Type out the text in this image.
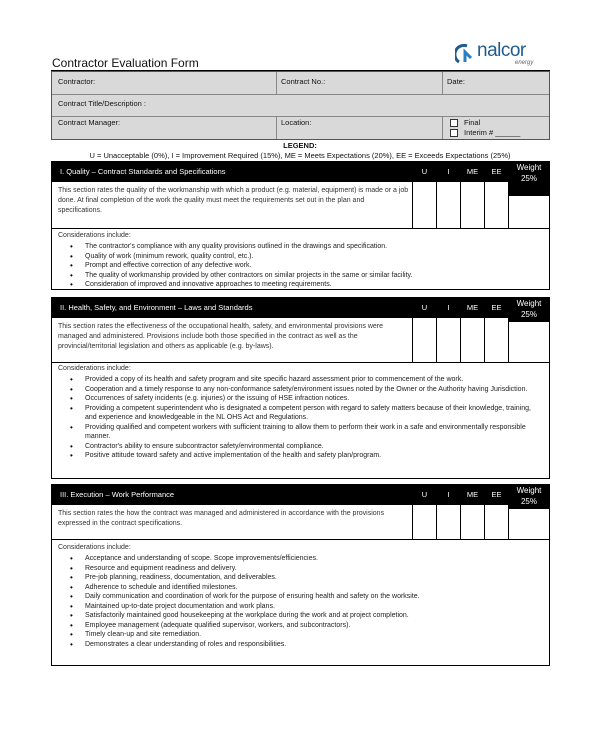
Contractor Evaluation Form
nalcor
energy
Contractor:	Contract No.:	Date:
Contract Title/Description :
Contract Manager:	Location:	Final
Interim # ______
LEGEND:
U = Unacceptable (0%), I = Improvement Required (15%), ME = Meets Expectations (20%), EE = Exceeds Expectations (25%)
I. Quality – Contract Standards and Specifications	U	I	ME	EE	Weight
25%
This section rates the quality of the workmanship with which a product (e.g. material, equipment) is made or a job done. At final completion of the work the quality must meet the requirements set out in the plan and specifications.
Considerations include:
• The contractor's compliance with any quality provisions outlined in the drawings and specification.
• Quality of work (minimum rework, quality control, etc.).
• Prompt and effective correction of any defective work.
• The quality of workmanship provided by other contractors on similar projects in the same or similar facility.
• Consideration of improved and innovative approaches to meeting requirements.
II. Health, Safety, and Environment – Laws and Standards	U	I	ME	EE	Weight
25%
This section rates the effectiveness of the occupational health, safety, and environmental provisions were managed and administered. Provisions include both those specified in the contract as well as the provincial/territorial legislation and others as applicable (e.g. by-laws).
Considerations include:
• Provided a copy of its health and safety program and site specific hazard assessment prior to commencement of the work.
• Cooperation and a timely response to any non-conformance safety/environment issues noted by the Owner or the Authority having Jurisdiction.
• Occurrences of safety incidents (e.g. injuries) or the issuing of HSE infraction notices.
• Providing a competent superintendent who is designated a competent person with regard to safety matters because of their knowledge, training, and experience and knowledgeable in the NL OHS Act and Regulations.
• Providing qualified and competent workers with sufficient training to allow them to perform their work in a safe and environmentally responsible manner.
• Contractor's ability to ensure subcontractor safety/environmental compliance.
• Positive attitude toward safety and active implementation of the health and safety plan/program.
III. Execution – Work Performance	U	I	ME	EE	Weight
25%
This section rates the how the contract was managed and administered in accordance with the provisions expressed in the contract specifications.
Considerations include:
• Acceptance and understanding of scope. Scope improvements/efficiencies.
• Resource and equipment readiness and delivery.
• Pre-job planning, readiness, documentation, and deliverables.
• Adherence to schedule and identified milestones.
• Daily communication and coordination of work for the purpose of ensuring health and safety on the worksite.
• Maintained up-to-date project documentation and work plans.
• Satisfactorily maintained good housekeeping at the workplace during the work and at project completion.
• Employee management (adequate qualified supervisor, workers, and subcontractors).
• Timely clean-up and site remediation.
• Demonstrates a clear understanding of roles and responsibilities.
